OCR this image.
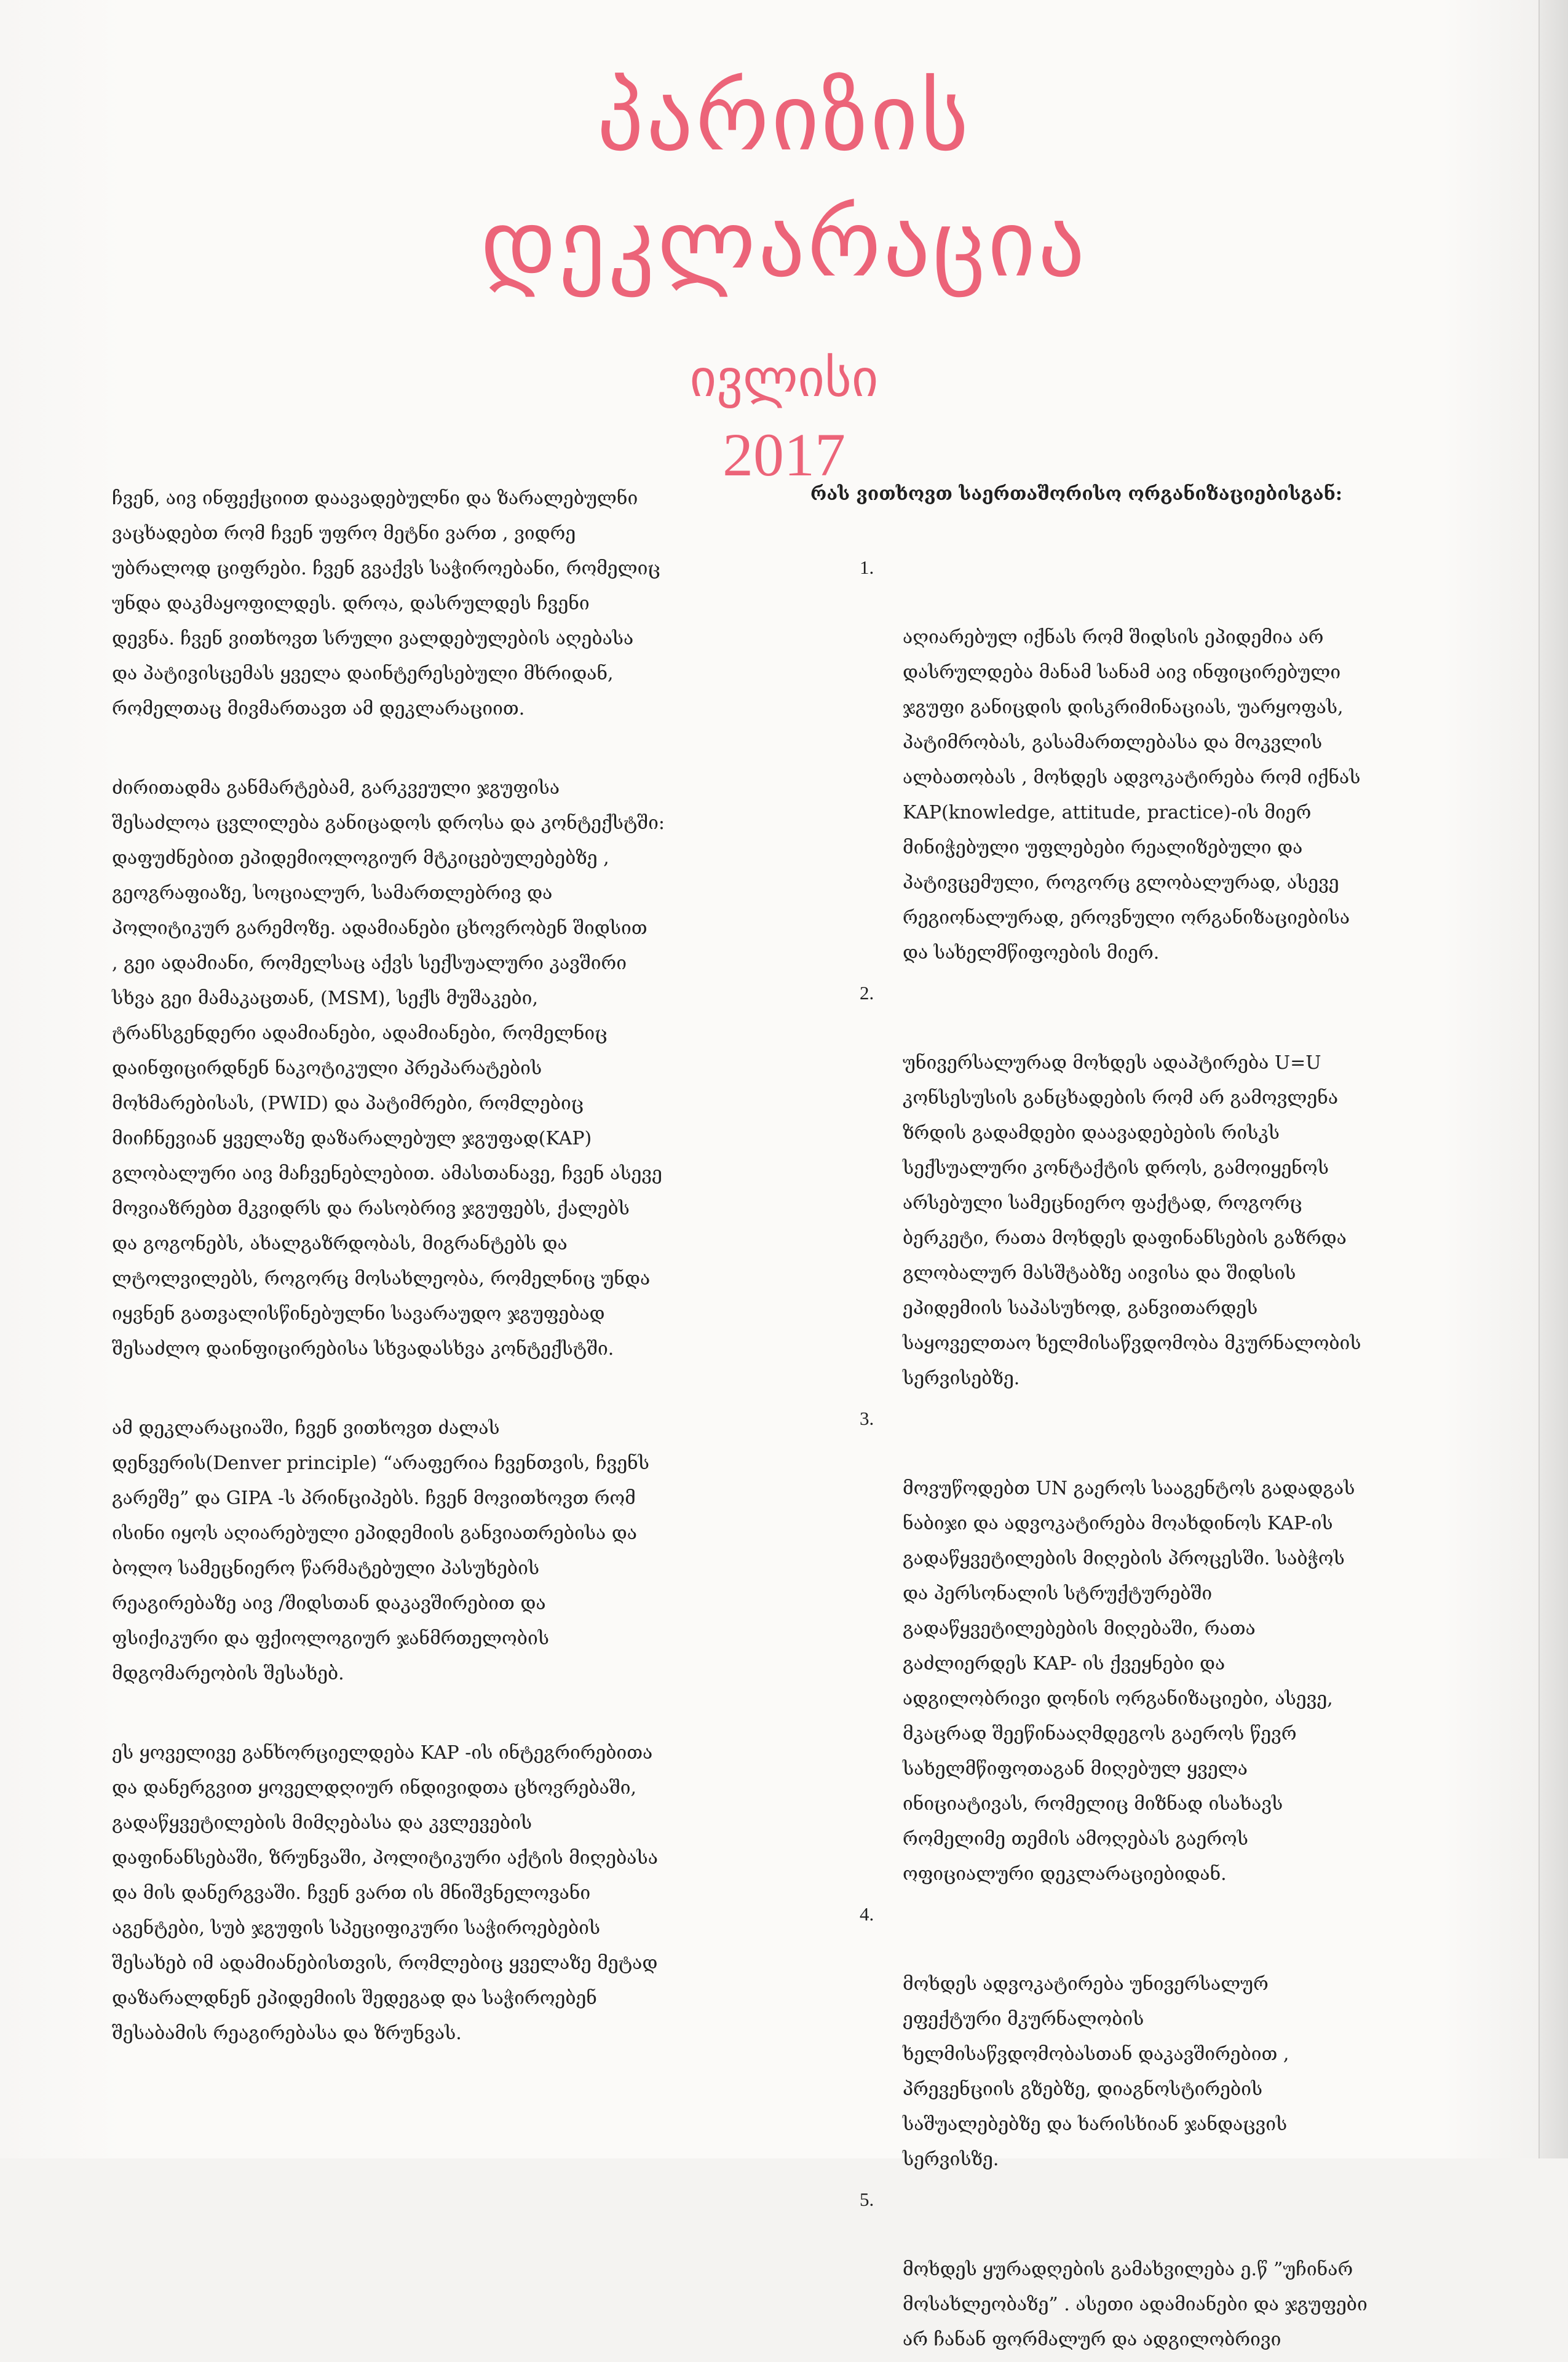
პარიზის
დეკლარაცია
ივლისი
2017

ჩვენ, აივ ინფექციით დაავადებულნი და ზარალებულნი
ვაცხადებთ რომ ჩვენ უფრო მეტნი ვართ , ვიდრე
უბრალოდ ციფრები. ჩვენ გვაქვს საჭიროებანი, რომელიც
უნდა დაკმაყოფილდეს. დროა, დასრულდეს ჩვენი
დევნა. ჩვენ ვითხოვთ სრული ვალდებულების აღებასა
და პატივისცემას ყველა დაინტერესებული მხრიდან,
რომელთაც მივმართავთ ამ დეკლარაციით.

ძირითადმა განმარტებამ, გარკვეული ჯგუფისა
შესაძლოა ცვლილება განიცადოს დროსა და კონტექსტში:
დაფუძნებით ეპიდემიოლოგიურ მტკიცებულებებზე ,
გეოგრაფიაზე, სოციალურ, სამართლებრივ და
პოლიტიკურ გარემოზე. ადამიანები ცხოვრობენ შიდსით
, გეი ადამიანი, რომელსაც აქვს სექსუალური კავშირი
სხვა გეი მამაკაცთან, (MSM), სექს მუშაკები,
ტრანსგენდერი ადამიანები, ადამიანები, რომელნიც
დაინფიცირდნენ ნაკოტიკული პრეპარატების
მოხმარებისას, (PWID) და პატიმრები, რომლებიც
მიიჩნევიან ყველაზე დაზარალებულ ჯგუფად(KAP)
გლობალური აივ მაჩვენებლებით. ამასთანავე, ჩვენ ასევე
მოვიაზრებთ მკვიდრს და რასობრივ ჯგუფებს, ქალებს
და გოგონებს, ახალგაზრდობას, მიგრანტებს და
ლტოლვილებს, როგორც მოსახლეობა, რომელნიც უნდა
იყვნენ გათვალისწინებულნი სავარაუდო ჯგუფებად
შესაძლო დაინფიცირებისა სხვადასხვა კონტექსტში.

ამ დეკლარაციაში, ჩვენ ვითხოვთ ძალას
დენვერის(Denver principle) “არაფერია ჩვენთვის, ჩვენს
გარეშე” და GIPA -ს პრინციპებს. ჩვენ მოვითხოვთ რომ
ისინი იყოს აღიარებული ეპიდემიის განვიათრებისა და
ბოლო სამეცნიერო წარმატებული პასუხების
რეაგირებაზე აივ /შიდსთან დაკავშირებით და
ფსიქიკური და ფქიოლოგიურ ჯანმრთელობის
მდგომარეობის შესახებ.

ეს ყოველივე განხორციელდება KAP -ის ინტეგრირებითა
და დანერგვით ყოველდღიურ ინდივიდთა ცხოვრებაში,
გადაწყვეტილების მიმღებასა და კვლევების
დაფინანსებაში, ზრუნვაში, პოლიტიკური აქტის მიღებასა
და მის დანერგვაში. ჩვენ ვართ ის მნიშვნელოვანი
აგენტები, სუბ ჯგუფის სპეციფიკური საჭიროებების
შესახებ იმ ადამიანებისთვის, რომლებიც ყველაზე მეტად
დაზარალდნენ ეპიდემიის შედეგად და საჭიროებენ
შესაბამის რეაგირებასა და ზრუნვას.

რას ვითხოვთ საერთაშორისო ორგანიზაციებისგან:

1.

აღიარებულ იქნას რომ შიდსის ეპიდემია არ
დასრულდება მანამ სანამ აივ ინფიცირებული
ჯგუფი განიცდის დისკრიმინაციას, უარყოფას,
პატიმრობას, გასამართლებასა და მოკვლის
ალბათობას , მოხდეს ადვოკატირება რომ იქნას
KAP(knowledge, attitude, practice)-ის მიერ
მინიჭებული უფლებები რეალიზებული და
პატივცემული, როგორც გლობალურად, ასევე
რეგიონალურად, ეროვნული ორგანიზაციებისა
და სახელმწიფოების მიერ.

2.

უნივერსალურად მოხდეს ადაპტირება U=U
კონსესუსის განცხადების რომ არ გამოვლენა
ზრდის გადამდები დაავადებების რისკს
სექსუალური კონტაქტის დროს, გამოიყენოს
არსებული სამეცნიერო ფაქტად, როგორც
ბერკეტი, რათა მოხდეს დაფინანსების გაზრდა
გლობალურ მასშტაბზე აივისა და შიდსის
ეპიდემიის საპასუხოდ, განვითარდეს
საყოველთაო ხელმისაწვდომობა მკურნალობის
სერვისებზე.

3.

მოვუწოდებთ UN გაეროს სააგენტოს გადადგას
ნაბიჯი და ადვოკატირება მოახდინოს KAP-ის
გადაწყვეტილების მიღების პროცესში. საბჭოს
და პერსონალის სტრუქტურებში
გადაწყვეტილებების მიღებაში, რათა
გაძლიერდეს KAP- ის ქვეყნები და
ადგილობრივი დონის ორგანიზაციები, ასევე,
მკაცრად შეეწინააღმდეგოს გაეროს წევრ
სახელმწიფოთაგან მიღებულ ყველა
ინიციატივას, რომელიც მიზნად ისახავს
რომელიმე თემის ამოღებას გაეროს
ოფიციალური დეკლარაციებიდან.

4.

მოხდეს ადვოკატირება უნივერსალურ
ეფექტური მკურნალობის
ხელმისაწვდომობასთან დაკავშირებით ,
პრევენციის გზებზე, დიაგნოსტირების
საშუალებებზე და ხარისხიან ჯანდაცვის
სერვისზე.

5.

მოხდეს ყურადღების გამახვილება ე.წ ”უჩინარ
მოსახლეობაზე” . ასეთი ადამიანები და ჯგუფები
არ ჩანან ფორმალურ და ადგილობრივი
